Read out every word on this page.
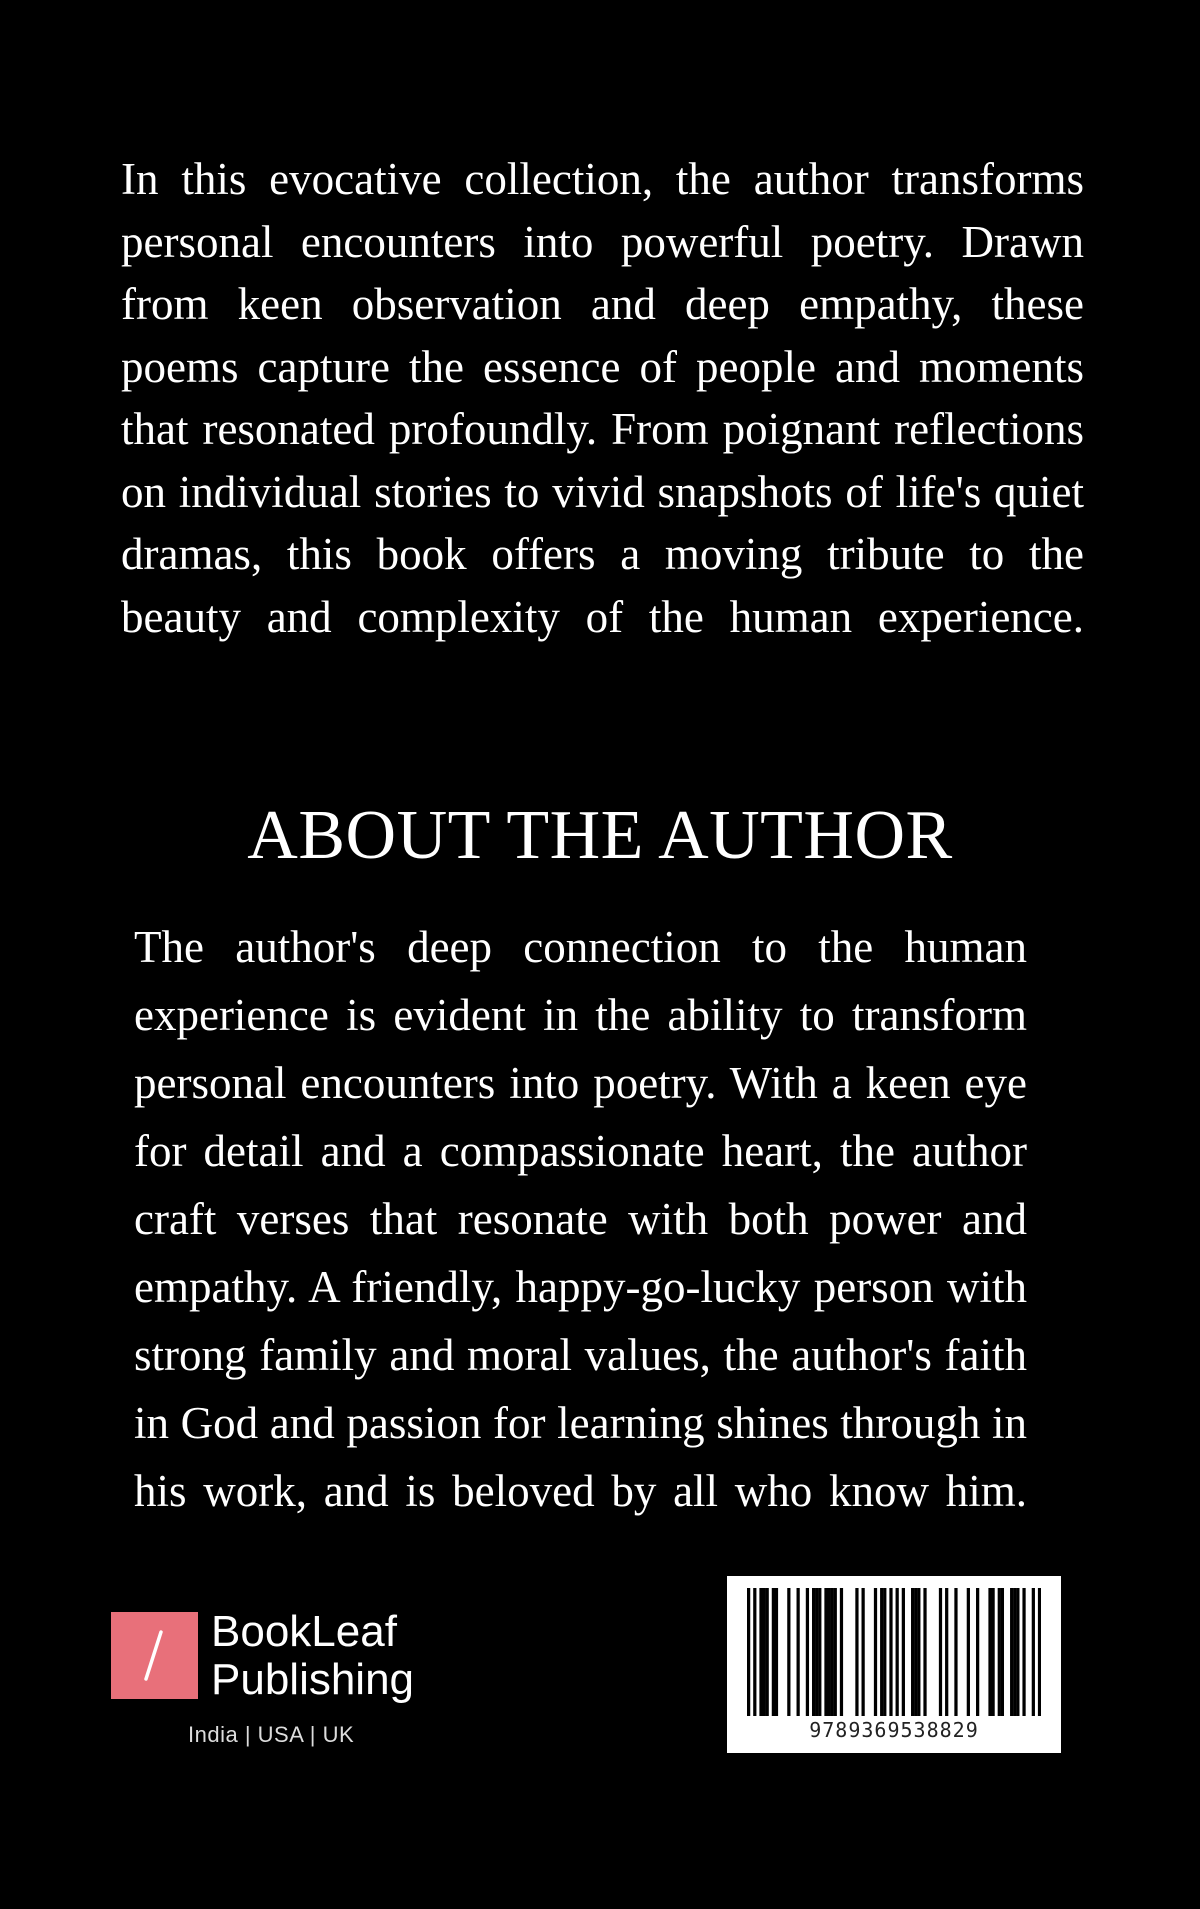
In this evocative collection, the author transforms personal encounters into powerful poetry. Drawn from keen observation and deep empathy, these poems capture the essence of people and moments that resonated profoundly. From poignant reflections on individual stories to vivid snapshots of life's quiet dramas, this book offers a moving tribute to the beauty and complexity of the human experience.
ABOUT THE AUTHOR
The author's deep connection to the human experience is evident in the ability to transform personal encounters into poetry. With a keen eye for detail and a compassionate heart, the author craft verses that resonate with both power and empathy. A friendly, happy-go-lucky person with strong family and moral values, the author's faith in God and passion for learning shines through in his work, and is beloved by all who know him.
BookLeaf
Publishing
India | USA | UK	9789369538829
